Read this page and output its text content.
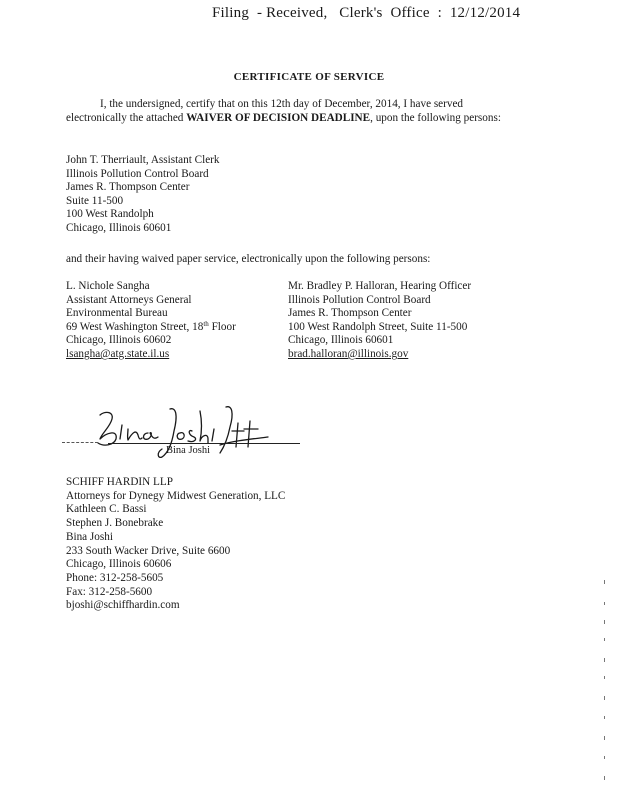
Filing  - Received,   Clerk's  Office  :  12/12/2014
CERTIFICATE OF SERVICE
I, the undersigned, certify that on this 12th day of December, 2014, I have served electronically the attached WAIVER OF DECISION DEADLINE, upon the following persons:
John T. Therriault, Assistant Clerk
Illinois Pollution Control Board
James R. Thompson Center
Suite 11-500
100 West Randolph
Chicago, Illinois 60601
and their having waived paper service, electronically upon the following persons:
L. Nichole Sangha
Assistant Attorneys General
Environmental Bureau
69 West Washington Street, 18th Floor
Chicago, Illinois 60602
lsangha@atg.state.il.us
Mr. Bradley P. Halloran, Hearing Officer
Illinois Pollution Control Board
James R. Thompson Center
100 West Randolph Street, Suite 11-500
Chicago, Illinois 60601
brad.halloran@illinois.gov
Bina Joshi
SCHIFF HARDIN LLP
Attorneys for Dynegy Midwest Generation, LLC
Kathleen C. Bassi
Stephen J. Bonebrake
Bina Joshi
233 South Wacker Drive, Suite 6600
Chicago, Illinois 60606
Phone: 312-258-5605
Fax: 312-258-5600
bjoshi@schiffhardin.com
